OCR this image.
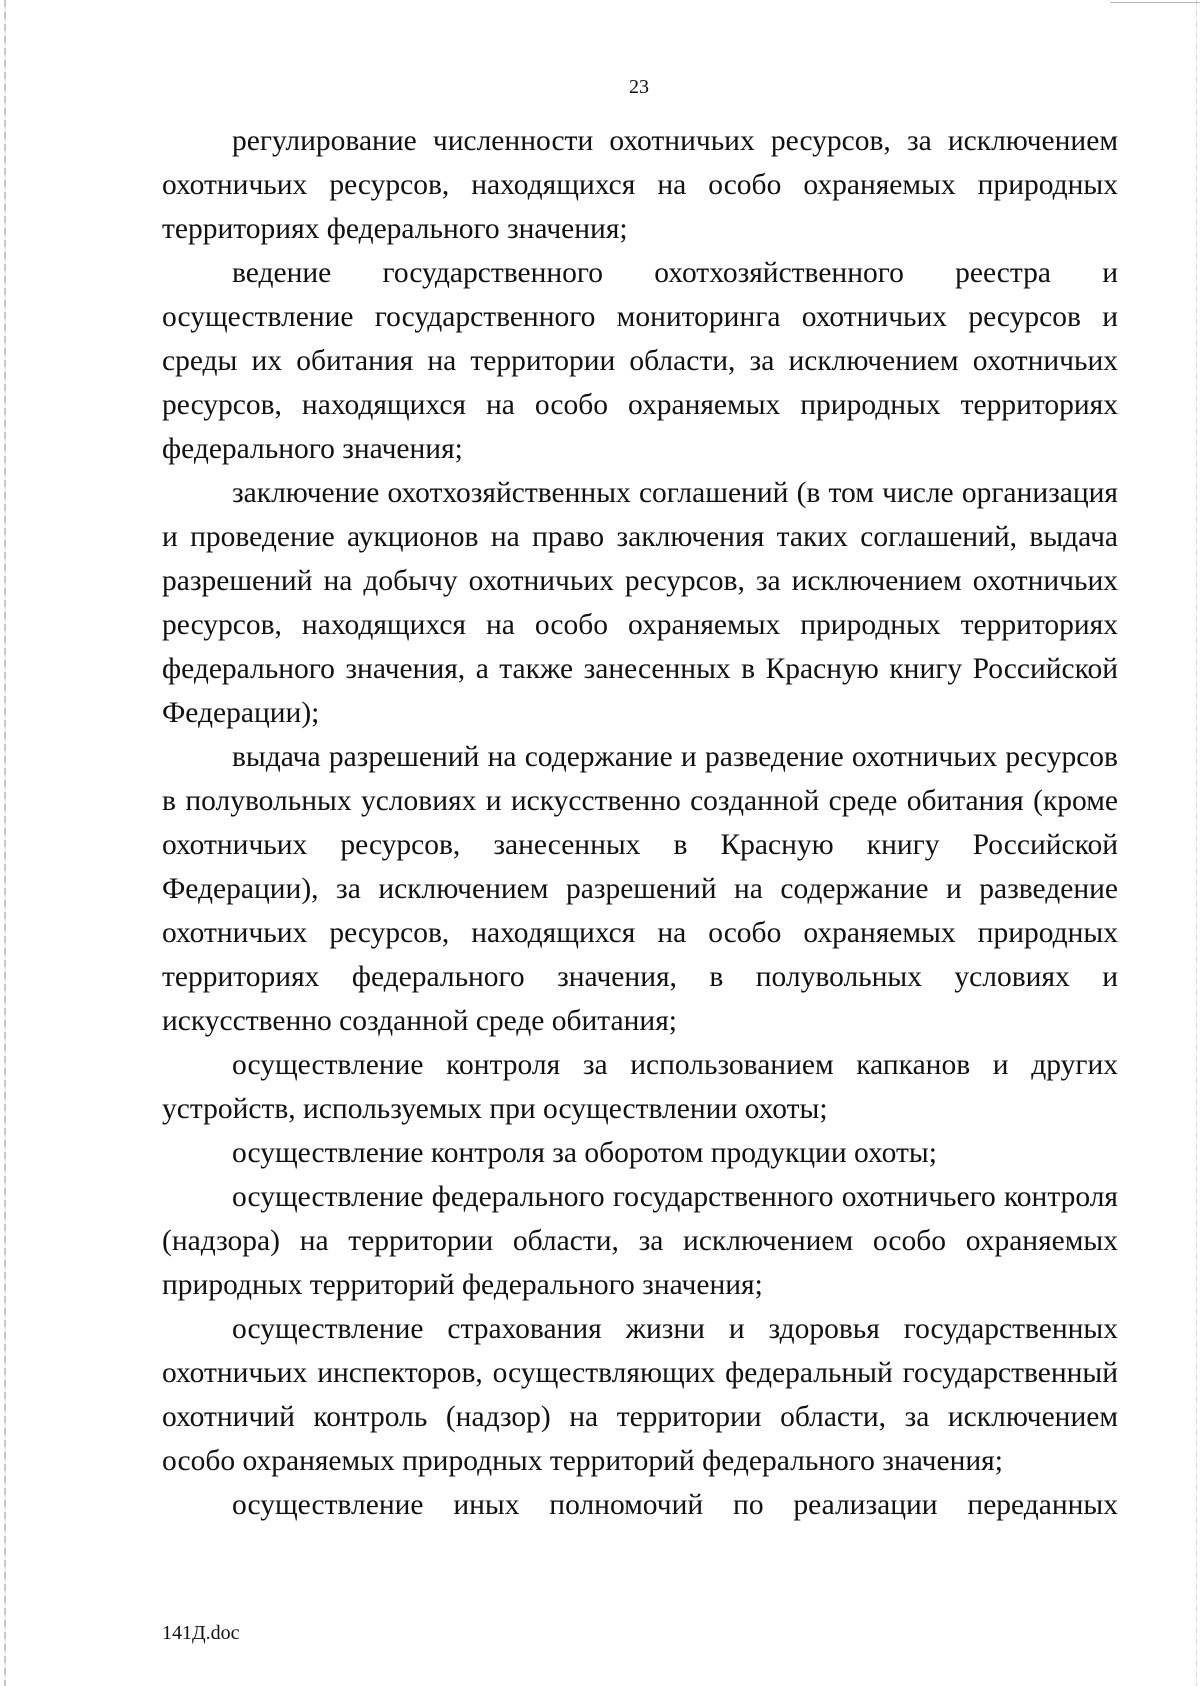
23

регулирование численности охотничьих ресурсов, за исключением охотничьих ресурсов, находящихся на особо охраняемых природных территориях федерального значения;

ведение государственного охотхозяйственного реестра и осуществление государственного мониторинга охотничьих ресурсов и среды их обитания на территории области, за исключением охотничьих ресурсов, находящихся на особо охраняемых природных территориях федерального значения;

заключение охотхозяйственных соглашений (в том числе организация и проведение аукционов на право заключения таких соглашений, выдача разрешений на добычу охотничьих ресурсов, за исключением охотничьих ресурсов, находящихся на особо охраняемых природных территориях федерального значения, а также занесенных в Красную книгу Российской Федерации);

выдача разрешений на содержание и разведение охотничьих ресурсов в полувольных условиях и искусственно созданной среде обитания (кроме охотничьих ресурсов, занесенных в Красную книгу Российской Федерации), за исключением разрешений на содержание и разведение охотничьих ресурсов, находящихся на особо охраняемых природных территориях федерального значения, в полувольных условиях и искусственно созданной среде обитания;

осуществление контроля за использованием капканов и других устройств, используемых при осуществлении охоты;

осуществление контроля за оборотом продукции охоты;

осуществление федерального государственного охотничьего контроля (надзора) на территории области, за исключением особо охраняемых природных территорий федерального значения;

осуществление страхования жизни и здоровья государственных охотничьих инспекторов, осуществляющих федеральный государственный охотничий контроль (надзор) на территории области, за исключением особо охраняемых природных территорий федерального значения;

осуществление иных полномочий по реализации переданных

141Д.doc
